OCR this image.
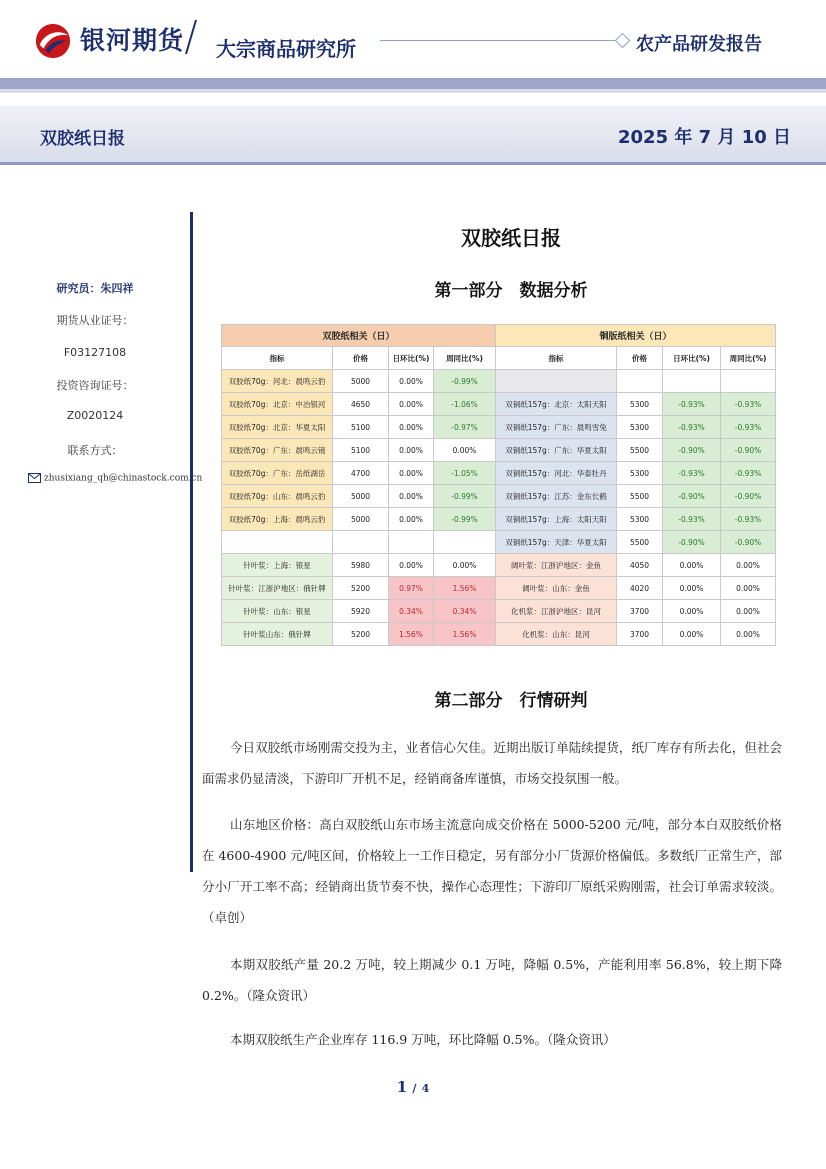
银河期货 大宗商品研究所	农产品研发报告
双胶纸日报	2025 年 7 月 10 日
研究员：朱四祥
期货从业证号：
F03127108
投资咨询证号：
Z0020124
联系方式：
zhusixiang_qh@chinastock.com.cn
双胶纸日报
第一部分　数据分析
双胶纸相关（日）				铜版纸相关（日）			
指标	价格	日环比(%)	周同比(%)	指标	价格	日环比(%)	周同比(%)
双胶纸70g：河北：晨鸣云豹	5000	0.00%	-0.99%				
双胶纸70g：北京：中冶银河	4650	0.00%	-1.06%	双铜纸157g：北京：太阳天阳	5300	-0.93%	-0.93%
双胶纸70g：北京：华夏太阳	5100	0.00%	-0.97%	双铜纸157g：广东：晨鸣雪兔	5300	-0.93%	-0.93%
双胶纸70g：广东：晨鸣云镜	5100	0.00%	0.00%	双铜纸157g：广东：华夏太阳	5500	-0.90%	-0.90%
双胶纸70g：广东：岳纸湖岳	4700	0.00%	-1.05%	双铜纸157g：河北：华泰牡丹	5300	-0.93%	-0.93%
双胶纸70g：山东：晨鸣云豹	5000	0.00%	-0.99%	双铜纸157g：江苏：金东长鹤	5500	-0.90%	-0.90%
双胶纸70g：上海：晨鸣云豹	5000	0.00%	-0.99%	双铜纸157g：上海：太阳天阳	5300	-0.93%	-0.93%
				双铜纸157g：天津：华夏太阳	5500	-0.90%	-0.90%
针叶浆：上海：银星	5980	0.00%	0.00%	阔叶浆：江浙沪地区：金鱼	4050	0.00%	0.00%
针叶浆：江浙沪地区：俄针牌	5200	0.97%	1.56%	阔叶浆：山东：金鱼	4020	0.00%	0.00%
针叶浆：山东：银星	5920	0.34%	0.34%	化机浆：江浙沪地区：昆河	3700	0.00%	0.00%
针叶浆山东：俄针牌	5200	1.56%	1.56%	化机浆：山东：昆河	3700	0.00%	0.00%
第二部分　行情研判

今日双胶纸市场刚需交投为主，业者信心欠佳。近期出版订单陆续提货，纸厂库存有所去化，但社会面需求仍显清淡，下游印厂开机不足，经销商备库谨慎，市场交投氛围一般。

山东地区价格：高白双胶纸山东市场主流意向成交价格在 5000-5200 元/吨，部分本白双胶纸价格在 4600-4900 元/吨区间，价格较上一工作日稳定，另有部分小厂货源价格偏低。多数纸厂正常生产，部分小厂开工率不高；经销商出货节奏不快，操作心态理性；下游印厂原纸采购刚需，社会订单需求较淡。（卓创）

本期双胶纸产量 20.2 万吨，较上期减少 0.1 万吨，降幅 0.5%，产能利用率 56.8%，较上期下降 0.2%。（隆众资讯）

本期双胶纸生产企业库存 116.9 万吨，环比降幅 0.5%。（隆众资讯）

1 / 4
